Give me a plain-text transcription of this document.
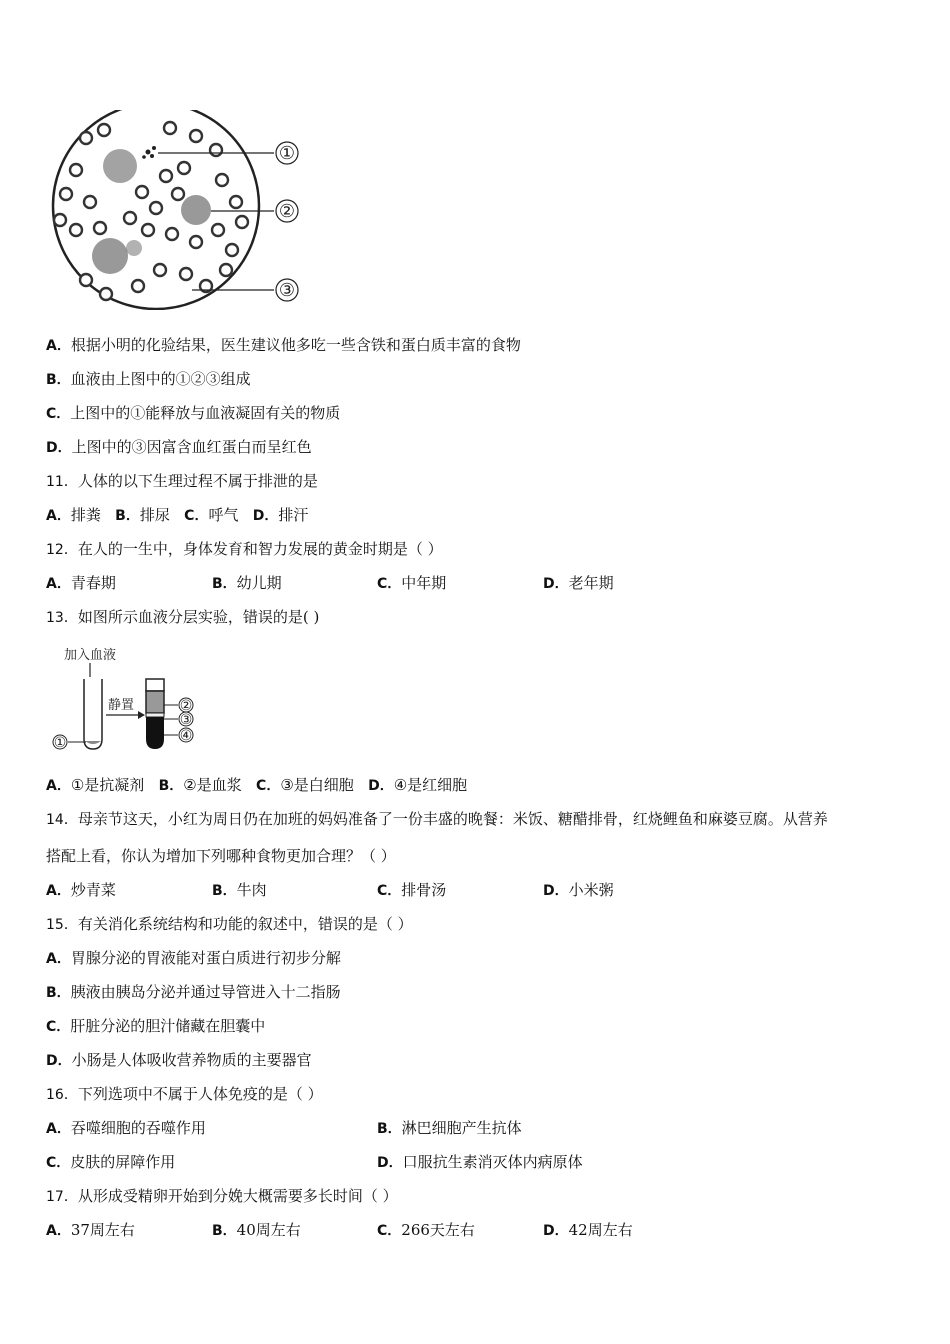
①
②
③
A．根据小明的化验结果，医生建议他多吃一些含铁和蛋白质丰富的食物
B．血液由上图中的①②③组成
C．上图中的①能释放与血液凝固有关的物质
D．上图中的③因富含血红蛋白而呈红色
11．人体的以下生理过程不属于排泄的是
A．排粪 B．排尿 C．呼气 D．排汗
12．在人的一生中，身体发育和智力发展的黄金时期是（ ）
A．青春期	B．幼儿期	C．中年期	D．老年期
13．如图所示血液分层实验，错误的是( )
加入血液
①
静置	②
③
④
A．①是抗凝剂 B．②是血浆 C．③是白细胞 D．④是红细胞
14．母亲节这天，小红为周日仍在加班的妈妈准备了一份丰盛的晚餐：米饭、糖醋排骨，红烧鲤鱼和麻婆豆腐。从营养
搭配上看，你认为增加下列哪种食物更加合理？（ ）
A．炒青菜	B．牛肉	C．排骨汤	D．小米粥
15．有关消化系统结构和功能的叙述中，错误的是（ ）
A．胃腺分泌的胃液能对蛋白质进行初步分解
B．胰液由胰岛分泌并通过导管进入十二指肠
C．肝脏分泌的胆汁储藏在胆囊中
D．小肠是人体吸收营养物质的主要器官
16．下列选项中不属于人体免疫的是（ ）
A．吞噬细胞的吞噬作用	B．淋巴细胞产生抗体
C．皮肤的屏障作用	D．口服抗生素消灭体内病原体
17．从形成受精卵开始到分娩大概需要多长时间（ ）
A．37周左右	B．40周左右	C．266天左右	D．42周左右
